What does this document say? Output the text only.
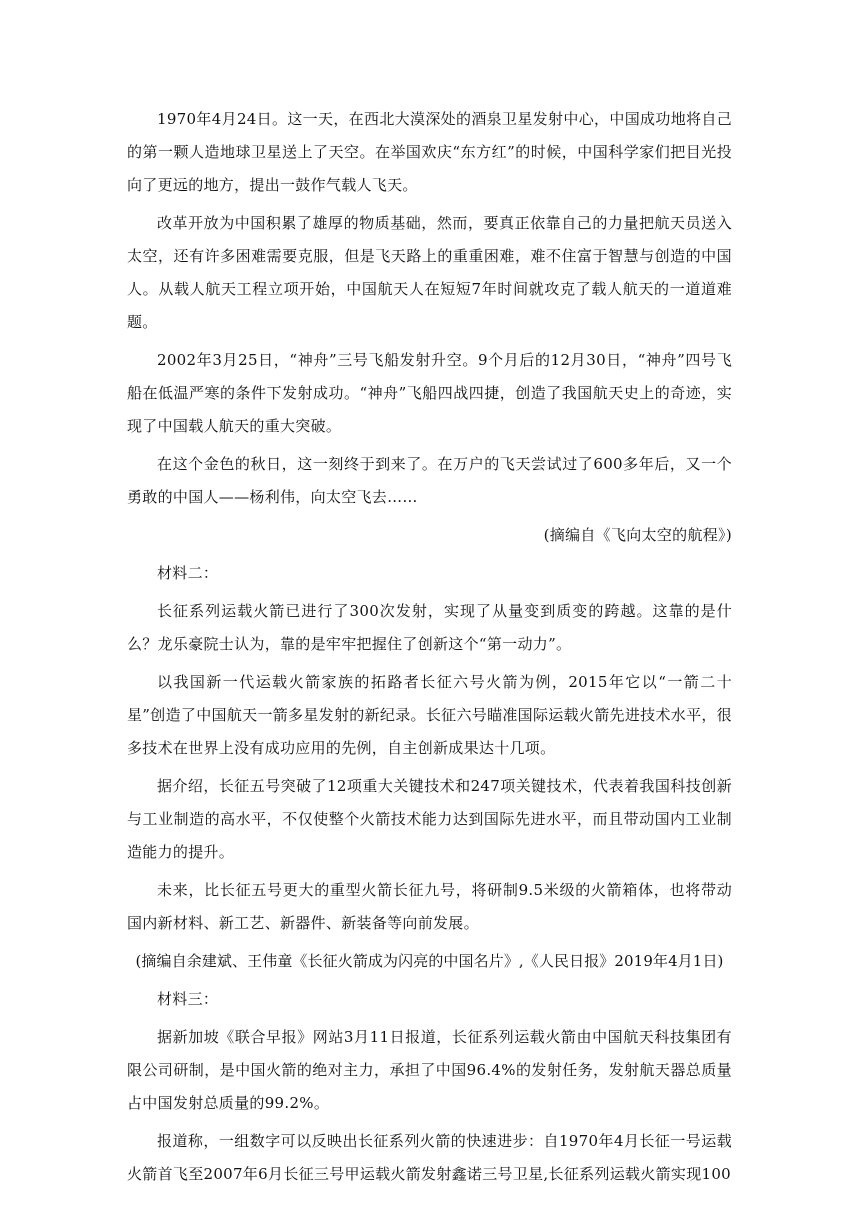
1970年4月24日。这一天，在西北大漠深处的酒泉卫星发射中心，中国成功地将自己的第一颗人造地球卫星送上了天空。在举国欢庆“东方红”的时候，中国科学家们把目光投向了更远的地方，提出一鼓作气载人飞天。

改革开放为中国积累了雄厚的物质基础，然而，要真正依靠自己的力量把航天员送入太空，还有许多困难需要克服，但是飞天路上的重重困难，难不住富于智慧与创造的中国人。从载人航天工程立项开始，中国航天人在短短7年时间就攻克了载人航天的一道道难题。

2002年3月25日，“神舟”三号飞船发射升空。9个月后的12月30日，“神舟”四号飞船在低温严寒的条件下发射成功。“神舟”飞船四战四捷，创造了我国航天史上的奇迹，实现了中国载人航天的重大突破。

在这个金色的秋日，这一刻终于到来了。在万户的飞天尝试过了600多年后，又一个勇敢的中国人——杨利伟，向太空飞去……

(摘编自《飞向太空的航程》)

材料二：

长征系列运载火箭已进行了300次发射，实现了从量变到质变的跨越。这靠的是什么？龙乐豪院士认为，靠的是牢牢把握住了创新这个“第一动力”。

以我国新一代运载火箭家族的拓路者长征六号火箭为例，2015年它以“一箭二十星”创造了中国航天一箭多星发射的新纪录。长征六号瞄准国际运载火箭先进技术水平，很多技术在世界上没有成功应用的先例，自主创新成果达十几项。

据介绍，长征五号突破了12项重大关键技术和247项关键技术，代表着我国科技创新与工业制造的高水平，不仅使整个火箭技术能力达到国际先进水平，而且带动国内工业制造能力的提升。

未来，比长征五号更大的重型火箭长征九号，将研制9.5米级的火箭箱体，也将带动国内新材料、新工艺、新器件、新装备等向前发展。

(摘编自余建斌、王伟童《长征火箭成为闪亮的中国名片》,《人民日报》2019年4月1日)

材料三：

据新加坡《联合早报》网站3月11日报道，长征系列运载火箭由中国航天科技集团有限公司研制，是中国火箭的绝对主力，承担了中国96.4%的发射任务，发射航天器总质量占中国发射总质量的99.2%。

报道称，一组数字可以反映出长征系列火箭的快速进步：自1970年4月长征一号运载火箭首飞至2007年6月长征三号甲运载火箭发射鑫诺三号卫星,长征系列运载火箭实现100
